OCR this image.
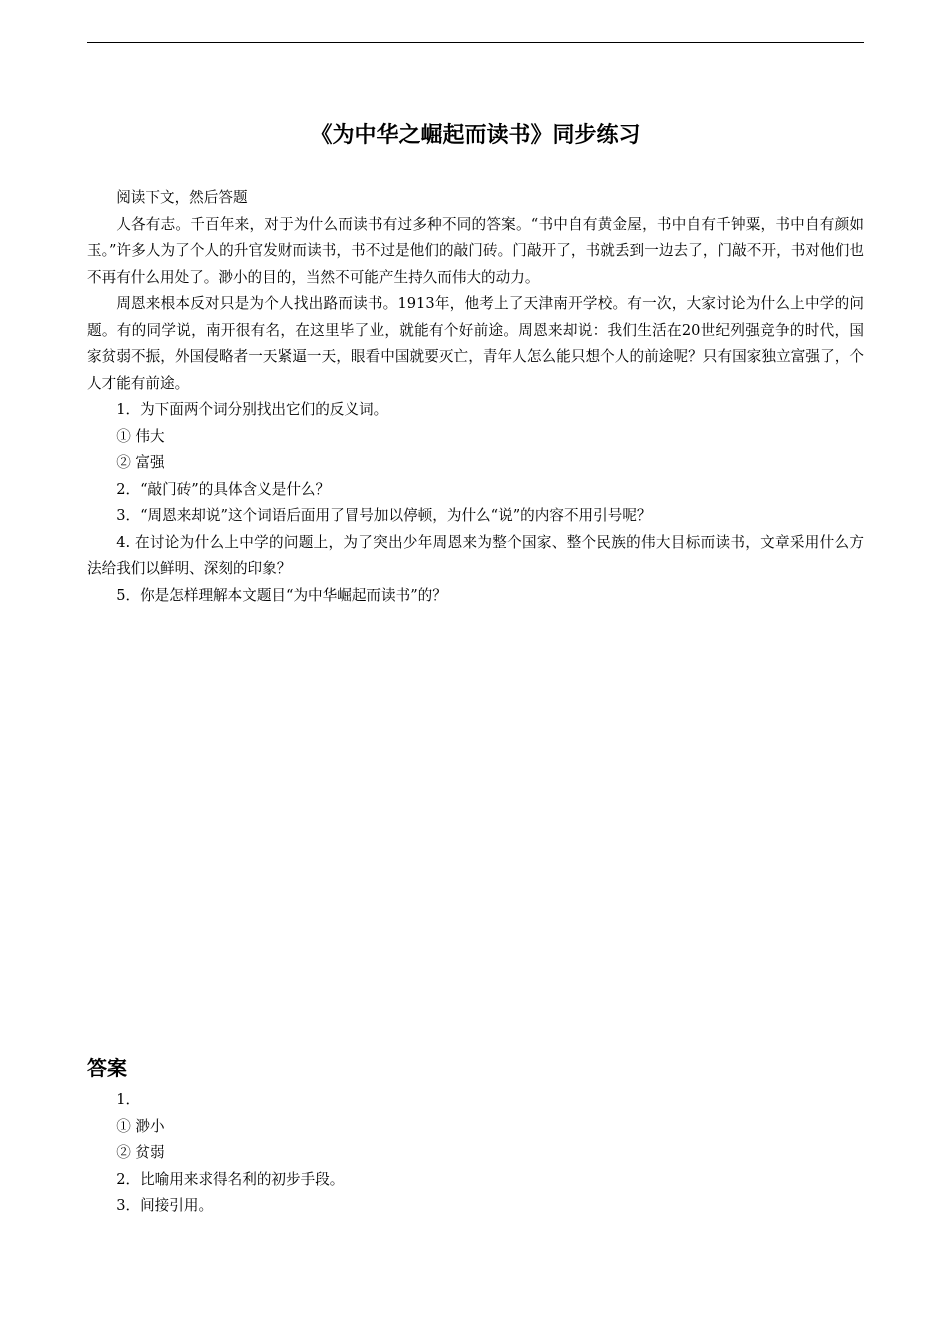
《为中华之崛起而读书》同步练习

阅读下文，然后答题

人各有志。千百年来，对于为什么而读书有过多种不同的答案。“书中自有黄金屋，书中自有千钟粟，书中自有颜如玉。”许多人为了个人的升官发财而读书，书不过是他们的敲门砖。门敲开了，书就丢到一边去了，门敲不开，书对他们也不再有什么用处了。渺小的目的，当然不可能产生持久而伟大的动力。

周恩来根本反对只是为个人找出路而读书。1913年，他考上了天津南开学校。有一次，大家讨论为什么上中学的问题。有的同学说，南开很有名，在这里毕了业，就能有个好前途。周恩来却说：我们生活在20世纪列强竞争的时代，国家贫弱不振，外国侵略者一天紧逼一天，眼看中国就要灭亡，青年人怎么能只想个人的前途呢？只有国家独立富强了，个人才能有前途。

1．为下面两个词分别找出它们的反义词。

① 伟大

② 富强

2．“敲门砖”的具体含义是什么？

3．“周恩来却说”这个词语后面用了冒号加以停顿，为什么“说”的内容不用引号呢？

4. 在讨论为什么上中学的问题上，为了突出少年周恩来为整个国家、整个民族的伟大目标而读书，文章采用什么方法给我们以鲜明、深刻的印象？

5．你是怎样理解本文题目“为中华崛起而读书”的？

答案

1．

① 渺小

② 贫弱

2．比喻用来求得名利的初步手段。

3．间接引用。
